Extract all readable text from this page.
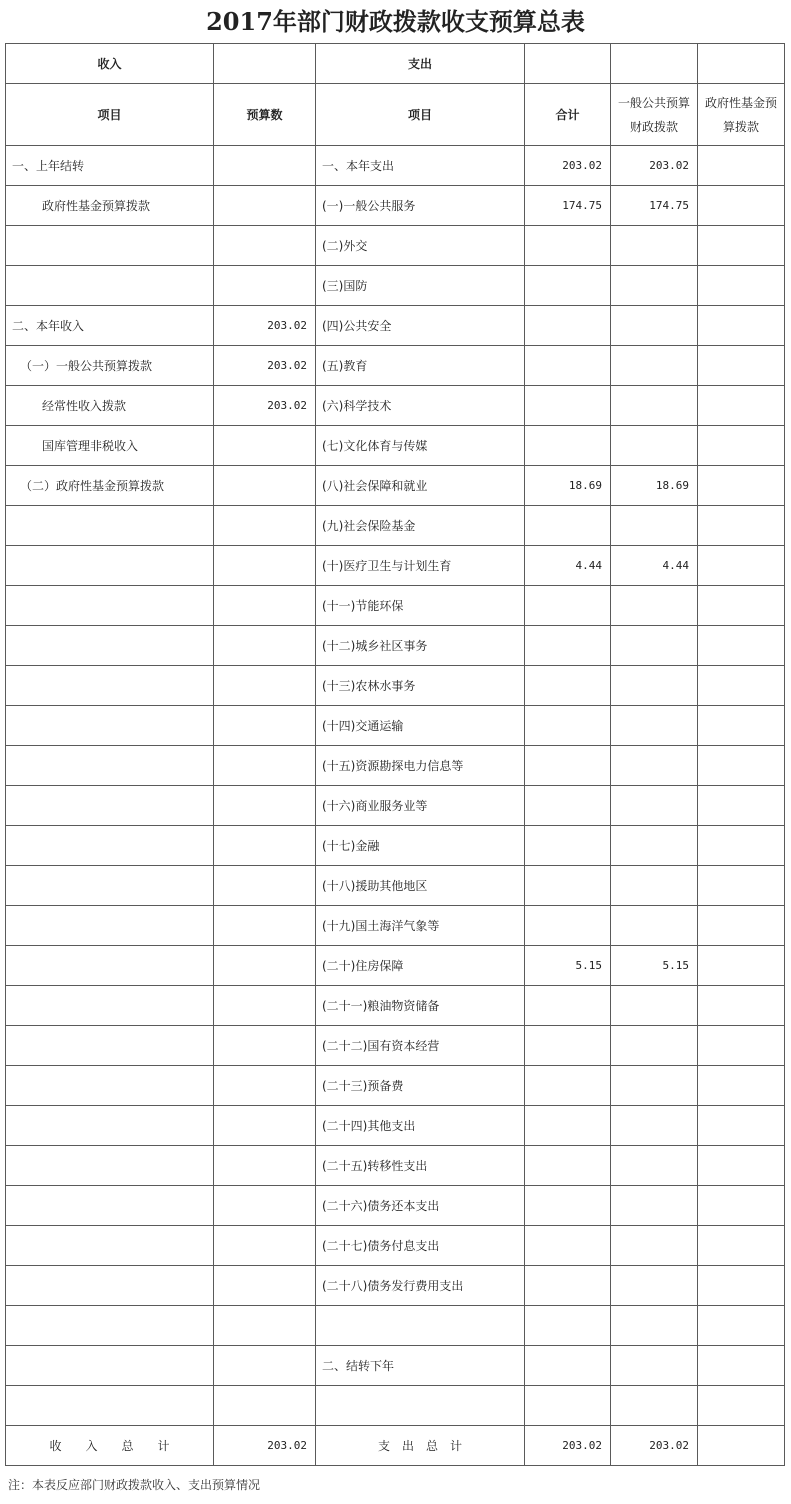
2017年部门财政拨款收支预算总表
收入		支出			
项目	预算数	项目	合计	一般公共预算财政拨款	政府性基金预算拨款
一、上年结转		一、本年支出	203.02	203.02	
政府性基金预算拨款		(一)一般公共服务	174.75	174.75	
		(二)外交			
		(三)国防			
二、本年收入	203.02	(四)公共安全			
（一）一般公共预算拨款	203.02	(五)教育			
经常性收入拨款	203.02	(六)科学技术			
国库管理非税收入		(七)文化体育与传媒			
（二）政府性基金预算拨款		(八)社会保障和就业	18.69	18.69	
		(九)社会保险基金			
		(十)医疗卫生与计划生育	4.44	4.44	
		(十一)节能环保			
		(十二)城乡社区事务			
		(十三)农林水事务			
		(十四)交通运输			
		(十五)资源勘探电力信息等			
		(十六)商业服务业等			
		(十七)金融			
		(十八)援助其他地区			
		(十九)国土海洋气象等			
		(二十)住房保障	5.15	5.15	
		(二十一)粮油物资储备			
		(二十二)国有资本经营			
		(二十三)预备费			
		(二十四)其他支出			
		(二十五)转移性支出			
		(二十六)债务还本支出			
		(二十七)债务付息支出			
		(二十八)债务发行费用支出			

		二、结转下年			

收　　入　　总　　计	203.02	支　出　总　计	203.02	203.02	
注：本表反应部门财政拨款收入、支出预算情况
